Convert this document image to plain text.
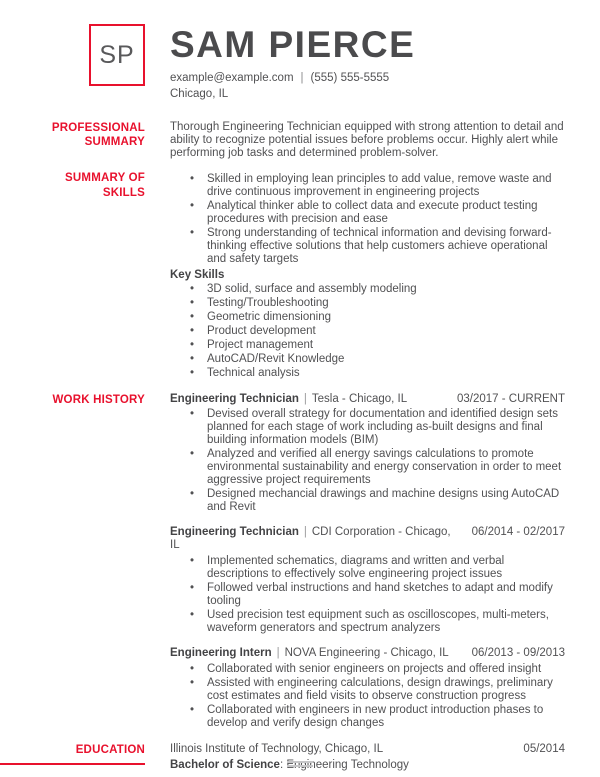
SP SAM PIERCE
example@example.com | (555) 555-5555
Chicago, IL
PROFESSIONAL SUMMARY

Thorough Engineering Technician equipped with strong attention to detail and ability to recognize potential issues before problems occur. Highly alert while performing job tasks and determined problem-solver.

SUMMARY OF SKILLS
• Skilled in employing lean principles to add value, remove waste and drive continuous improvement in engineering projects
• Analytical thinker able to collect data and execute product testing procedures with precision and ease
• Strong understanding of technical information and devising forward-thinking effective solutions that help customers achieve operational and safety targets
Key Skills
• 3D solid, surface and assembly modeling
• Testing/Troubleshooting
• Geometric dimensioning
• Product development
• Project management
• AutoCAD/Revit Knowledge
• Technical analysis
WORK HISTORY	03/2017 - CURRENT
Engineering Technician | Tesla - Chicago, IL
• Devised overall strategy for documentation and identified design sets planned for each stage of work including as-built designs and final building information models (BIM)
• Analyzed and verified all energy savings calculations to promote environmental sustainability and energy conservation in order to meet aggressive project requirements
• Designed mechancial drawings and machine designs using AutoCAD and Revit
06/2014 - 02/2017
Engineering Technician | CDI Corporation - Chicago, IL
• Implemented schematics, diagrams and written and verbal descriptions to effectively solve engineering project issues
• Followed verbal instructions and hand sketches to adapt and modify tooling
• Used precision test equipment such as oscilloscopes, multi-meters, waveform generators and spectrum analyzers
06/2013 - 09/2013
Engineering Intern | NOVA Engineering - Chicago, IL
• Collaborated with senior engineers on projects and offered insight
• Assisted with engineering calculations, design drawings, preliminary cost estimates and field visits to observe construction progress
• Collaborated with engineers in new product introduction phases to develop and verify design changes
EDUCATION	05/2014
Illinois Institute of Technology, Chicago, IL
Bachelor of Science: Engineering Technology
